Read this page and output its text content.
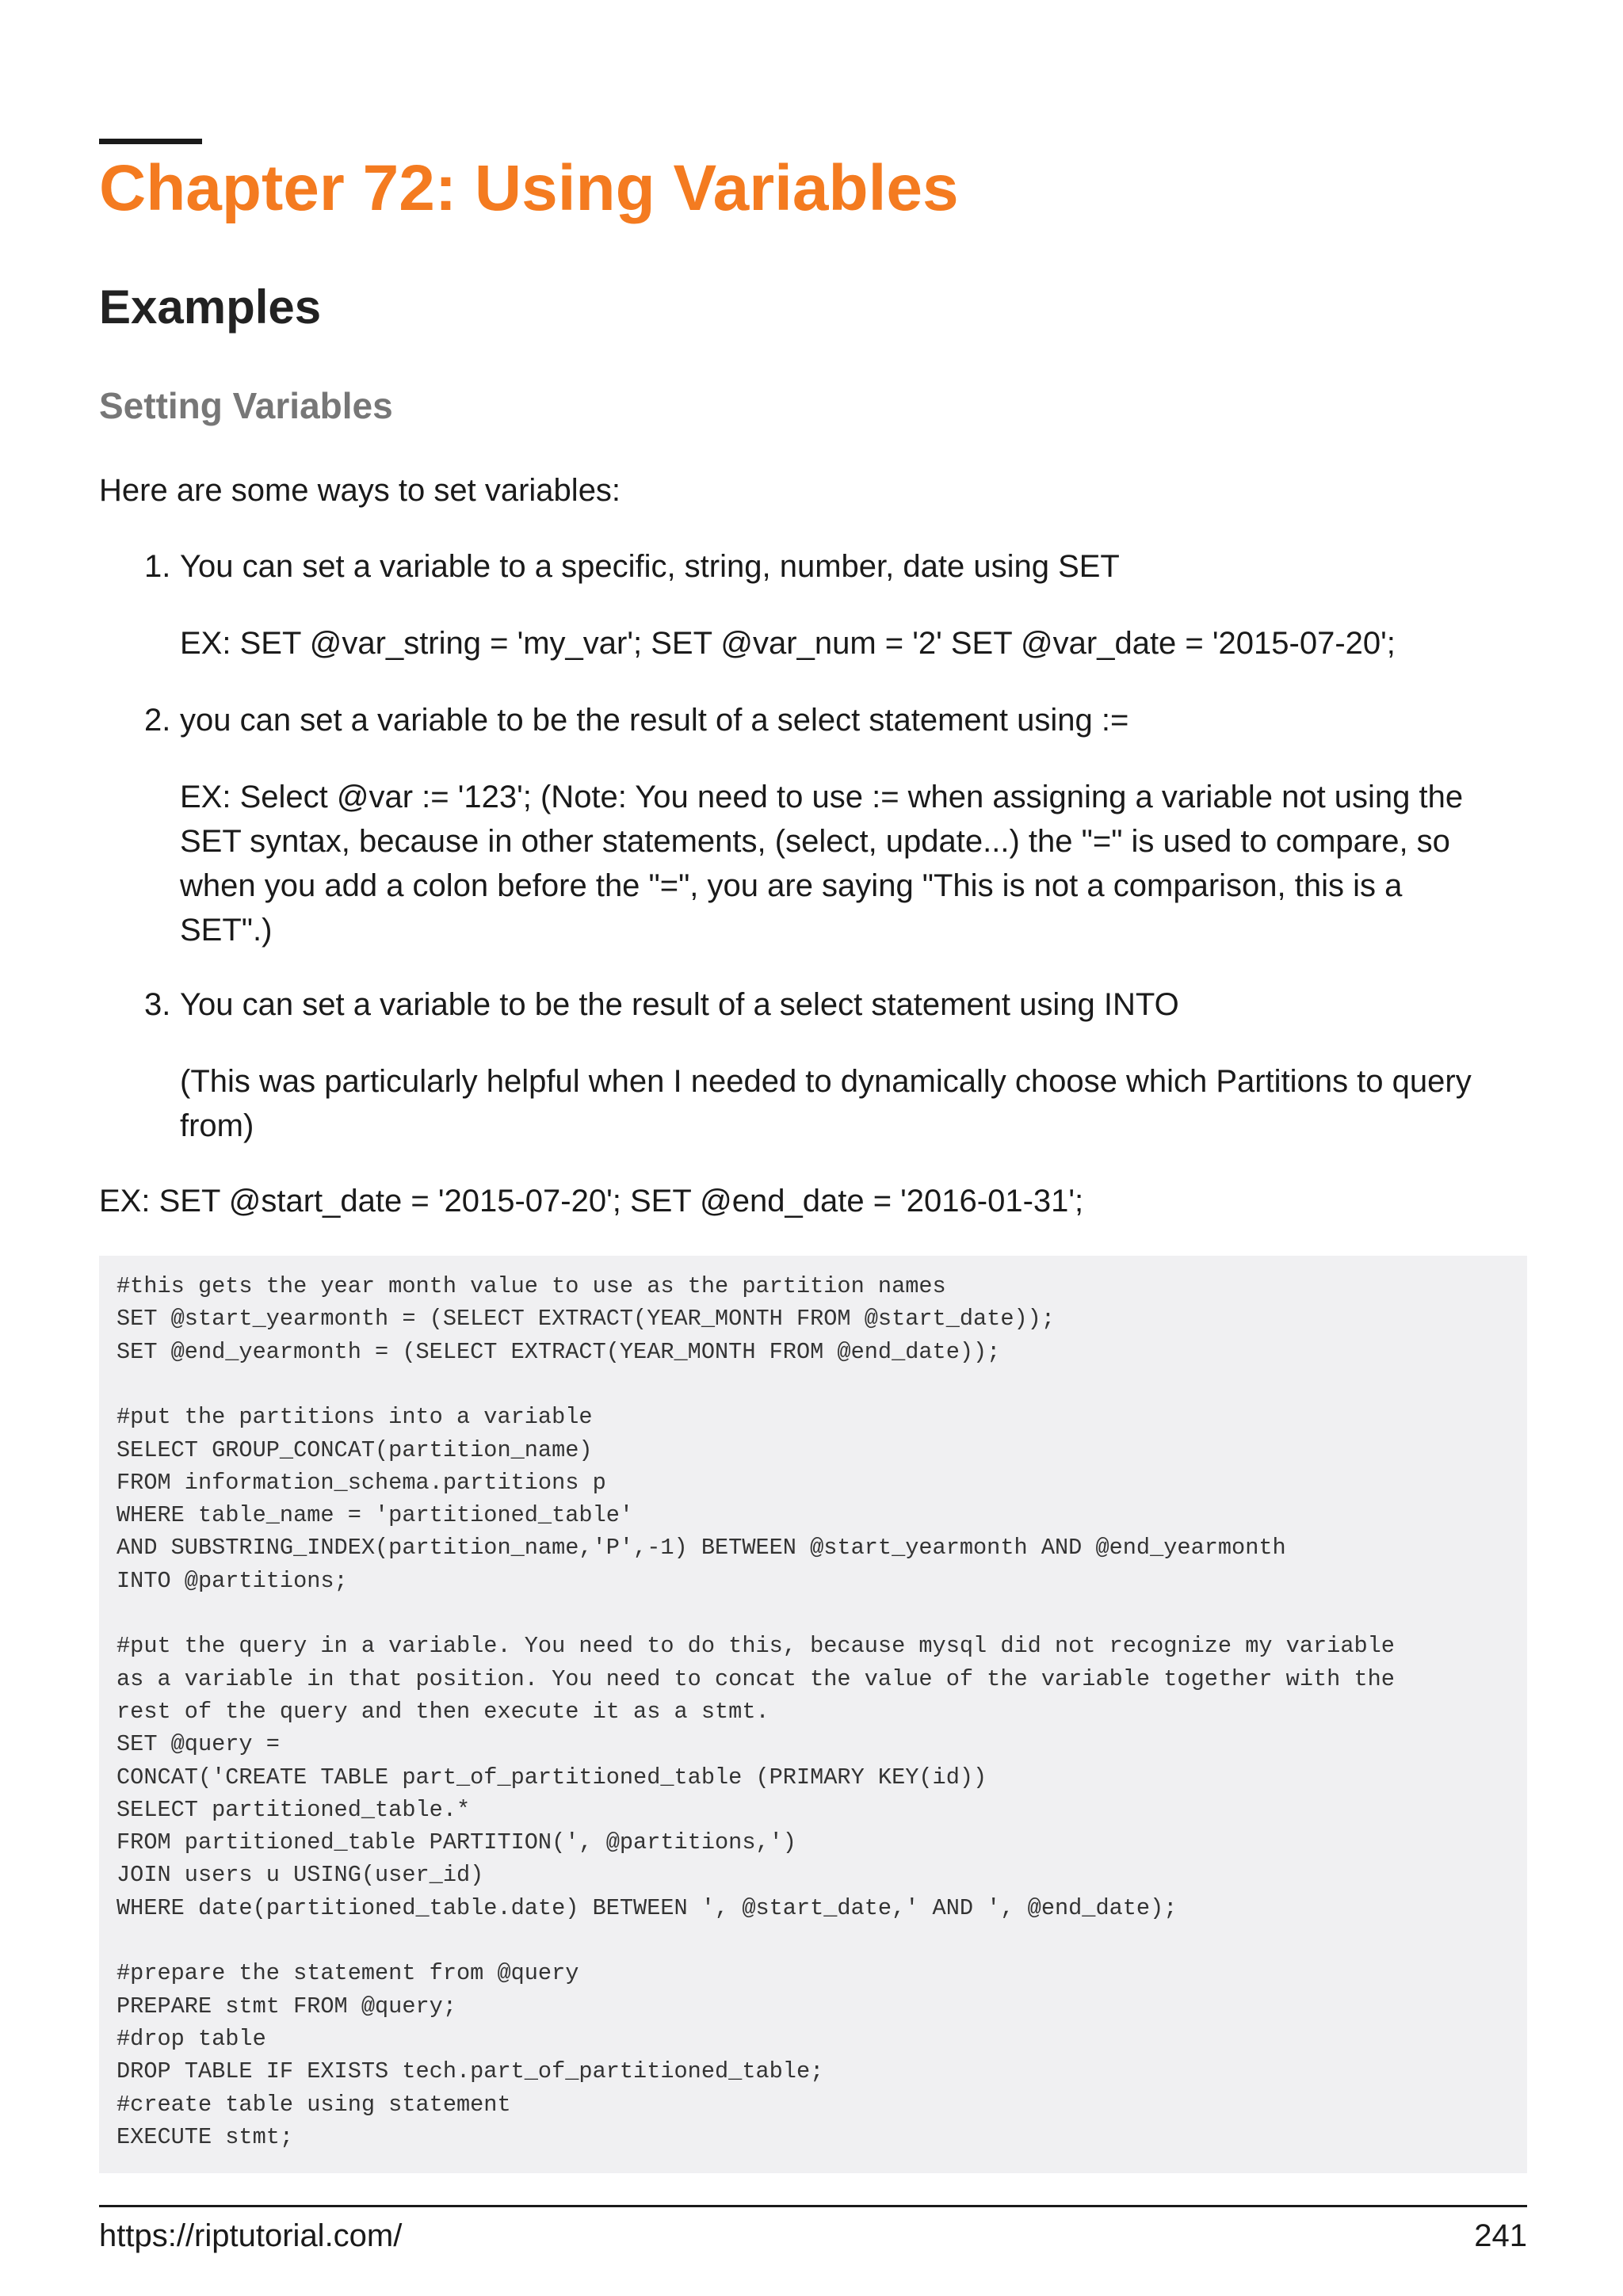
Chapter 72: Using Variables
Examples
Setting Variables

Here are some ways to set variables:

1. You can set a variable to a specific, string, number, date using SET
EX: SET @var_string = 'my_var'; SET @var_num = '2' SET @var_date = '2015-07-20';
2. you can set a variable to be the result of a select statement using :=
EX: Select @var := '123'; (Note: You need to use := when assigning a variable not using the
SET syntax, because in other statements, (select, update...) the "=" is used to compare, so
when you add a colon before the "=", you are saying "This is not a comparison, this is a
SET".)
3. You can set a variable to be the result of a select statement using INTO
(This was particularly helpful when I needed to dynamically choose which Partitions to query
from)

EX: SET @start_date = '2015-07-20'; SET @end_date = '2016-01-31';

#this gets the year month value to use as the partition names
SET @start_yearmonth = (SELECT EXTRACT(YEAR_MONTH FROM @start_date));
SET @end_yearmonth = (SELECT EXTRACT(YEAR_MONTH FROM @end_date));
#put the partitions into a variable
SELECT GROUP_CONCAT(partition_name)
FROM information_schema.partitions p
WHERE table_name = 'partitioned_table'
AND SUBSTRING_INDEX(partition_name,'P',-1) BETWEEN @start_yearmonth AND @end_yearmonth
INTO @partitions;
#put the query in a variable. You need to do this, because mysql did not recognize my variable
as a variable in that position. You need to concat the value of the variable together with the
rest of the query and then execute it as a stmt.
SET @query =
CONCAT('CREATE TABLE part_of_partitioned_table (PRIMARY KEY(id))
SELECT partitioned_table.*
FROM partitioned_table PARTITION(', @partitions,')
JOIN users u USING(user_id)
WHERE date(partitioned_table.date) BETWEEN ', @start_date,' AND ', @end_date);
#prepare the statement from @query
PREPARE stmt FROM @query;
#drop table
DROP TABLE IF EXISTS tech.part_of_partitioned_table;
#create table using statement
EXECUTE stmt;
https://riptutorial.com/	241
